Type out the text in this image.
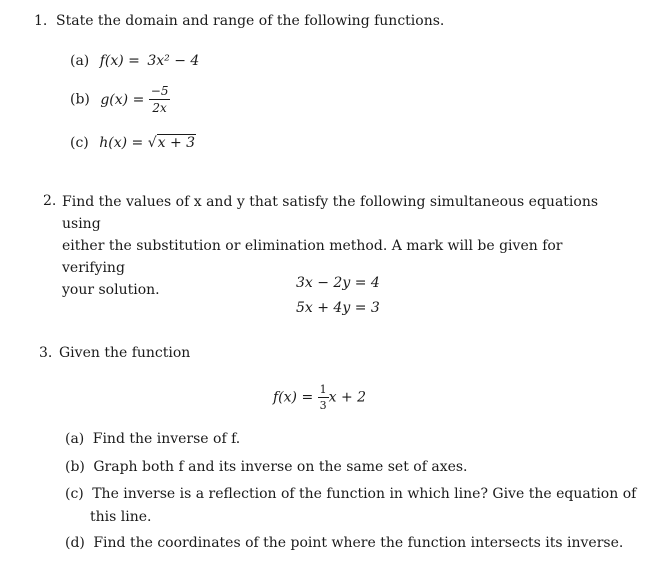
1. State the domain and range of the following functions.
(a) f(x) = 3x² − 4
(b) $g(x) = \frac{-5}{2x}$
(c) h(x) = √x + 3
2. Find the values of x and y that satisfy the following simultaneous equations using
either the substitution or elimination method. A mark will be given for verifying
your solution.	3x − 2y = 4
5x + 4y = 3
3. Given the function
$f(x) = \frac{1}{3}$ x + 2
(a) Find the inverse of f.
(b) Graph both f and its inverse on the same set of axes.
(c) The inverse is a reflection of the function in which line? Give the equation of
this line.
(d) Find the coordinates of the point where the function intersects its inverse.
